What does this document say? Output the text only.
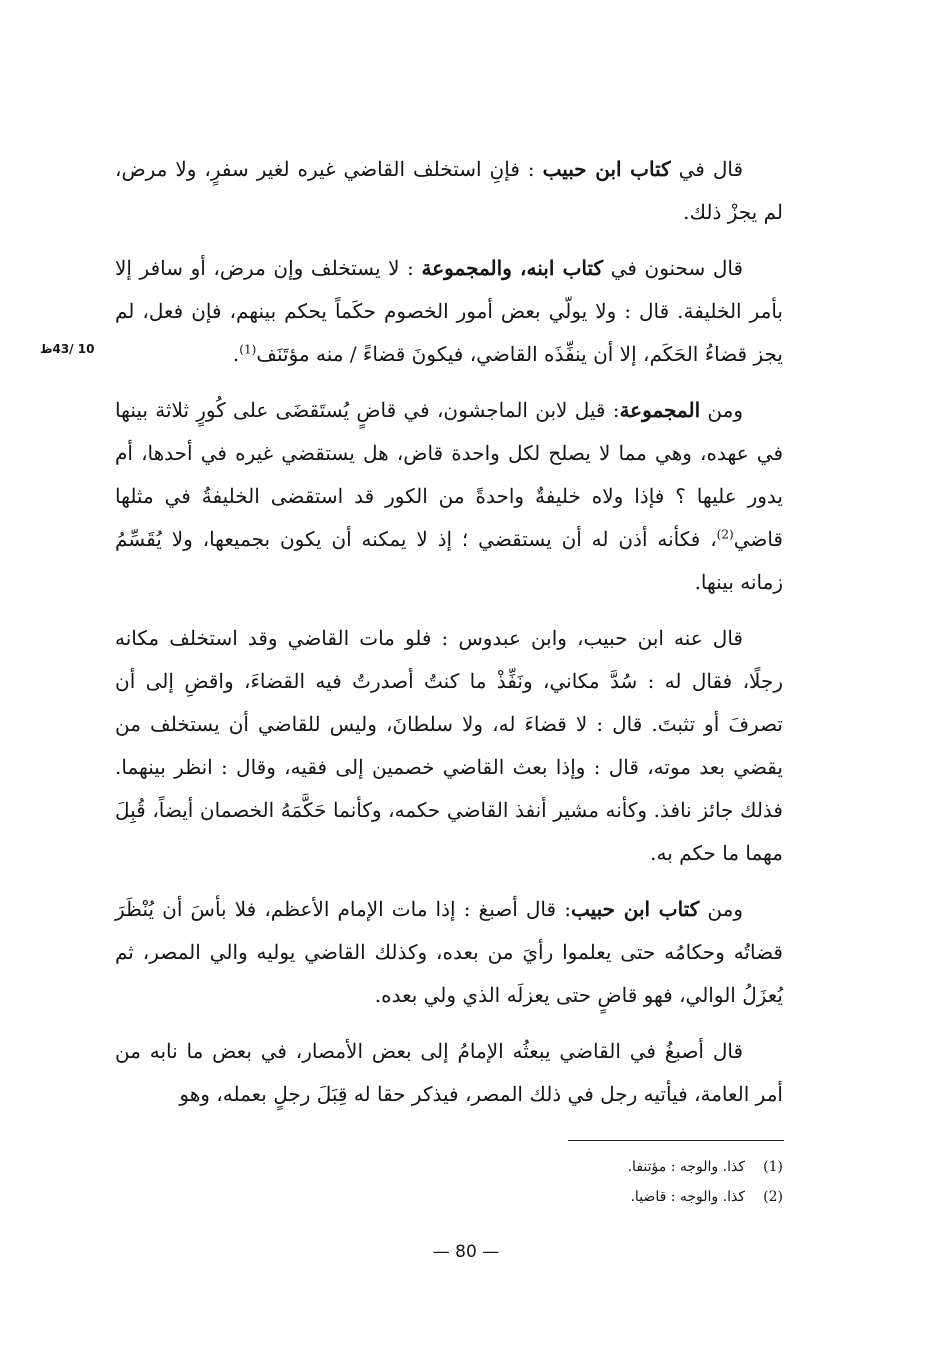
قال في كتاب ابن حبيب : فإنِ استخلف القاضي غيره لغير سفرٍ، ولا مرض، لم يجزْ ذلك.

قال سحنون في كتاب ابنه، والمجموعة : لا يستخلف وإن مرض، أو سافر إلا بأمر الخليفة. قال : ولا يولّي بعض أمور الخصوم حكَماً يحكم بينهم، فإن فعل، لم يجز قضاءُ الحَكَم، إلا أن ينفِّذَه القاضي، فيكونَ قضاءً / منه مؤتَنَف$^{(1)}$.

ومن المجموعة: قيل لابن الماجشون، في قاضٍ يُستَقضَى على كُورٍ ثلاثة بينها في عهده، وهي مما لا يصلح لكل واحدة قاض، هل يستقضي غيره في أحدها، أم يدور عليها ؟ فإذا ولاه خليفةٌ واحدةً من الكور قد استقضى الخليفةُ في مثلها قاضي$^{(2)}$، فكأنه أذن له أن يستقضي ؛ إذ لا يمكنه أن يكون بجميعها، ولا يُقَسِّمُ زمانه بينها.

قال عنه ابن حبيب، وابن عبدوس : فلو مات القاضي وقد استخلف مكانه رجلًا، فقال له : سُدَّ مكاني، ونَفِّذْ ما كنتُ أصدرتُ فيه القضاءَ، واقضِ إلى أن تصرفَ أو تثبتَ. قال : لا قضاءَ له، ولا سلطانَ، وليس للقاضي أن يستخلف من يقضي بعد موته، قال : وإذا بعث القاضي خصمين إلى فقيه، وقال : انظر بينهما. فذلك جائز نافذ. وكأنه مشير أنفذ القاضي حكمه، وكأنما حَكَّمَهُ الخصمان أيضاً، قُبِلَ مهما ما حكم به.

ومن كتاب ابن حبيب: قال أصبغ : إذا مات الإمام الأعظم، فلا بأسَ أن يُنْظَرَ قضاتُه وحكامُه حتى يعلموا رأيَ من بعده، وكذلك القاضي يوليه والي المصر، ثم يُعزَلُ الوالي، فهو قاضٍ حتى يعزلَه الذي ولي بعده.

قال أصبغُ في القاضي يبعثُه الإمامُ إلى بعض الأمصار، في بعض ما نابه من أمر العامة، فيأتيه رجل في ذلك المصر، فيذكر حقا له قِبَلَ رجلٍ بعمله، وهو

10 /43ظ

(1)كذا. والوجه : مؤتنفا.

(2)كذا. والوجه : قاضيا.

— 80 —
